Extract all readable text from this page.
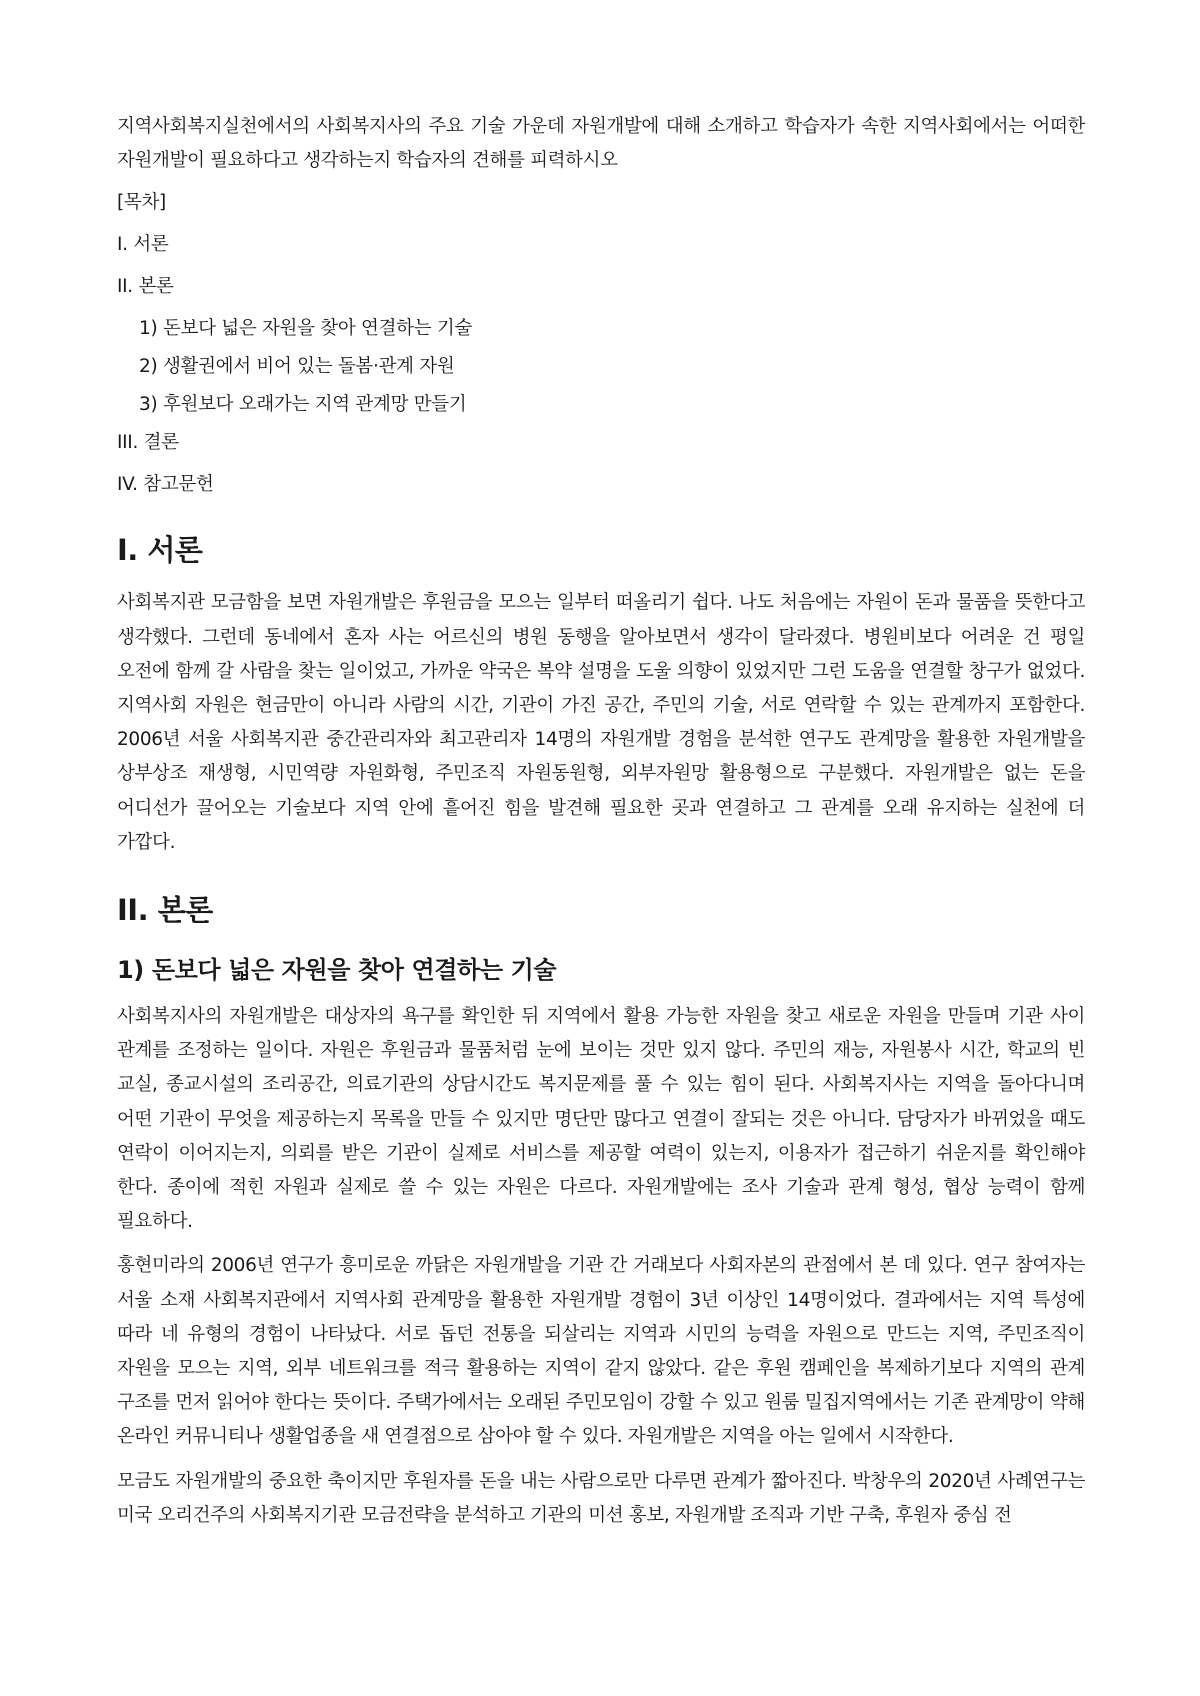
지역사회복지실천에서의 사회복지사의 주요 기술 가운데 자원개발에 대해 소개하고 학습자가 속한 지역사회에서는 어떠한 자원개발이 필요하다고 생각하는지 학습자의 견해를 피력하시오

[목차]

I. 서론

II. 본론

1) 돈보다 넓은 자원을 찾아 연결하는 기술

2) 생활권에서 비어 있는 돌봄·관계 자원

3) 후원보다 오래가는 지역 관계망 만들기

III. 결론

IV. 참고문헌

I. 서론

사회복지관 모금함을 보면 자원개발은 후원금을 모으는 일부터 떠올리기 쉽다. 나도 처음에는 자원이 돈과 물품을 뜻한다고 생각했다. 그런데 동네에서 혼자 사는 어르신의 병원 동행을 알아보면서 생각이 달라졌다. 병원비보다 어려운 건 평일 오전에 함께 갈 사람을 찾는 일이었고, 가까운 약국은 복약 설명을 도울 의향이 있었지만 그런 도움을 연결할 창구가 없었다. 지역사회 자원은 현금만이 아니라 사람의 시간, 기관이 가진 공간, 주민의 기술, 서로 연락할 수 있는 관계까지 포함한다. 2006년 서울 사회복지관 중간관리자와 최고관리자 14명의 자원개발 경험을 분석한 연구도 관계망을 활용한 자원개발을 상부상조 재생형, 시민역량 자원화형, 주민조직 자원동원형, 외부자원망 활용형으로 구분했다. 자원개발은 없는 돈을 어디선가 끌어오는 기술보다 지역 안에 흩어진 힘을 발견해 필요한 곳과 연결하고 그 관계를 오래 유지하는 실천에 더 가깝다.

II. 본론
1) 돈보다 넓은 자원을 찾아 연결하는 기술

사회복지사의 자원개발은 대상자의 욕구를 확인한 뒤 지역에서 활용 가능한 자원을 찾고 새로운 자원을 만들며 기관 사이 관계를 조정하는 일이다. 자원은 후원금과 물품처럼 눈에 보이는 것만 있지 않다. 주민의 재능, 자원봉사 시간, 학교의 빈 교실, 종교시설의 조리공간, 의료기관의 상담시간도 복지문제를 풀 수 있는 힘이 된다. 사회복지사는 지역을 돌아다니며 어떤 기관이 무엇을 제공하는지 목록을 만들 수 있지만 명단만 많다고 연결이 잘되는 것은 아니다. 담당자가 바뀌었을 때도 연락이 이어지는지, 의뢰를 받은 기관이 실제로 서비스를 제공할 여력이 있는지, 이용자가 접근하기 쉬운지를 확인해야 한다. 종이에 적힌 자원과 실제로 쓸 수 있는 자원은 다르다. 자원개발에는 조사 기술과 관계 형성, 협상 능력이 함께 필요하다.

홍현미라의 2006년 연구가 흥미로운 까닭은 자원개발을 기관 간 거래보다 사회자본의 관점에서 본 데 있다. 연구 참여자는 서울 소재 사회복지관에서 지역사회 관계망을 활용한 자원개발 경험이 3년 이상인 14명이었다. 결과에서는 지역 특성에 따라 네 유형의 경험이 나타났다. 서로 돕던 전통을 되살리는 지역과 시민의 능력을 자원으로 만드는 지역, 주민조직이 자원을 모으는 지역, 외부 네트워크를 적극 활용하는 지역이 같지 않았다. 같은 후원 캠페인을 복제하기보다 지역의 관계 구조를 먼저 읽어야 한다는 뜻이다. 주택가에서는 오래된 주민모임이 강할 수 있고 원룸 밀집지역에서는 기존 관계망이 약해 온라인 커뮤니티나 생활업종을 새 연결점으로 삼아야 할 수 있다. 자원개발은 지역을 아는 일에서 시작한다.

모금도 자원개발의 중요한 축이지만 후원자를 돈을 내는 사람으로만 다루면 관계가 짧아진다. 박창우의 2020년 사례연구는 미국 오리건주의 사회복지기관 모금전략을 분석하고 기관의 미션 홍보, 자원개발 조직과 기반 구축, 후원자 중심 전
